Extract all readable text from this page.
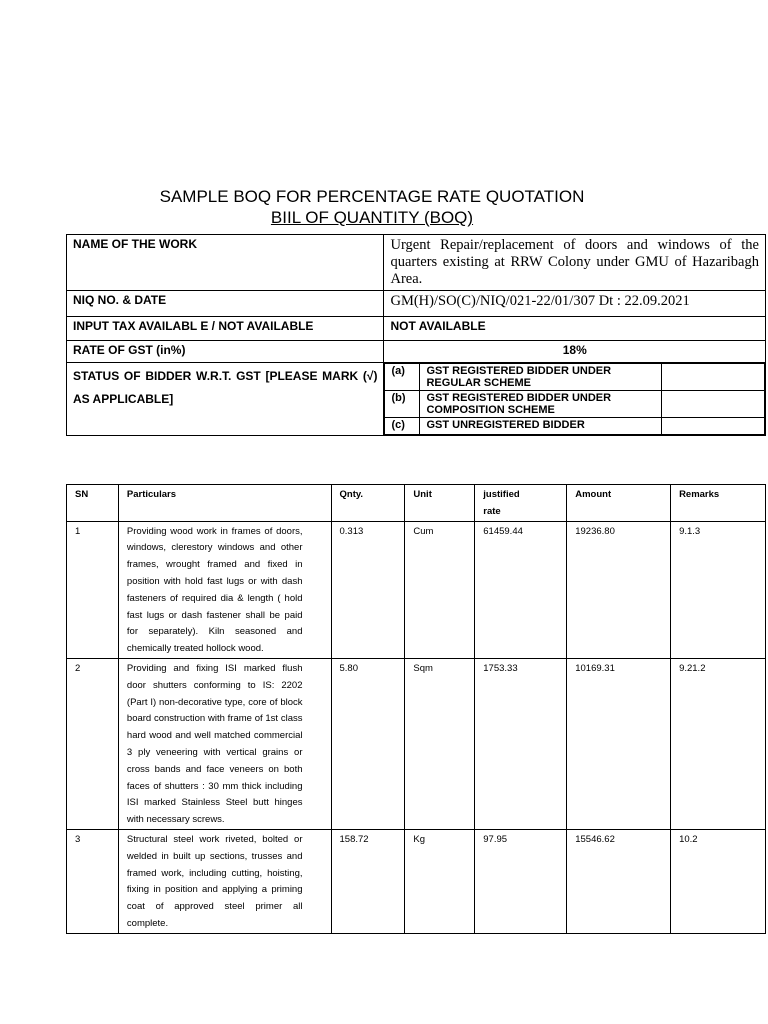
SAMPLE BOQ FOR PERCENTAGE RATE QUOTATION
BIIL OF QUANTITY (BOQ)
NAME OF THE WORK	Urgent Repair/replacement of doors and windows of the quarters existing at RRW Colony under GMU of Hazaribagh Area.
NIQ NO. & DATE	GM(H)/SO(C)/NIQ/021-22/01/307 Dt : 22.09.2021
INPUT TAX AVAILABL E / NOT AVAILABLE	NOT AVAILABLE
RATE OF GST (in%)	18%
STATUS OF BIDDER W.R.T. GST [PLEASE MARK (√) AS APPLICABLE]	
(a)	GST REGISTERED BIDDER UNDER REGULAR SCHEME	
(b)	GST REGISTERED BIDDER UNDER COMPOSITION SCHEME	
(c)	GST UNREGISTERED BIDDER	
SN	Particulars	Qnty.	Unit	justified rate	Amount	Remarks
1	Providing wood work in frames of doors, windows, clerestory windows and other frames, wrought framed and fixed in position with hold fast lugs or with dash fasteners of required dia & length ( hold fast lugs or dash fastener shall be paid for separately). Kiln seasoned and chemically treated hollock wood.	0.313	Cum	61459.44	19236.80	9.1.3
2	Providing and fixing ISI marked flush door shutters conforming to IS: 2202 (Part I) non-decorative type, core of block board construction with frame of 1st class hard wood and well matched commercial 3 ply veneering with vertical grains or cross bands and face veneers on both faces of shutters : 30 mm thick including ISI marked Stainless Steel butt hinges with necessary screws.	5.80	Sqm	1753.33	10169.31	9.21.2
3	Structural steel work riveted, bolted or welded in built up sections, trusses and framed work, including cutting, hoisting, fixing in position and applying a priming coat of approved steel primer all complete.	158.72	Kg	97.95	15546.62	10.2
